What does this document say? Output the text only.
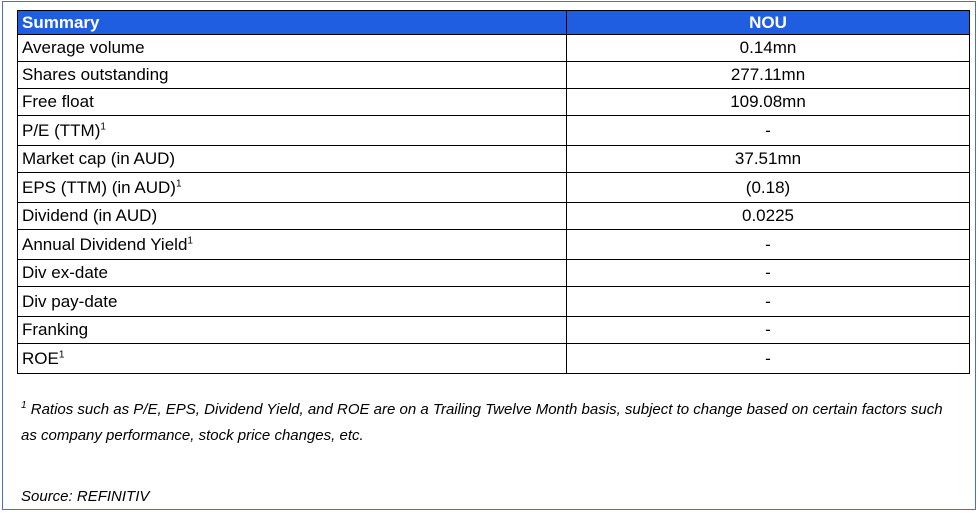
Summary	NOU
Average volume	0.14mn
Shares outstanding	277.11mn
Free float	109.08mn
P/E (TTM)$^1$	-
Market cap (in AUD)	37.51mn
EPS (TTM) (in AUD)$^1$	(0.18)
Dividend (in AUD)	0.0225
Annual Dividend Yield$^1$	-
Div ex-date	-
Div pay-date	-
Franking	-
ROE$^1$	-
$^1$ Ratios such as P/E, EPS, Dividend Yield, and ROE are on a Trailing Twelve Month basis, subject to change based on certain factors such as company performance, stock price changes, etc.
Source: REFINITIV
